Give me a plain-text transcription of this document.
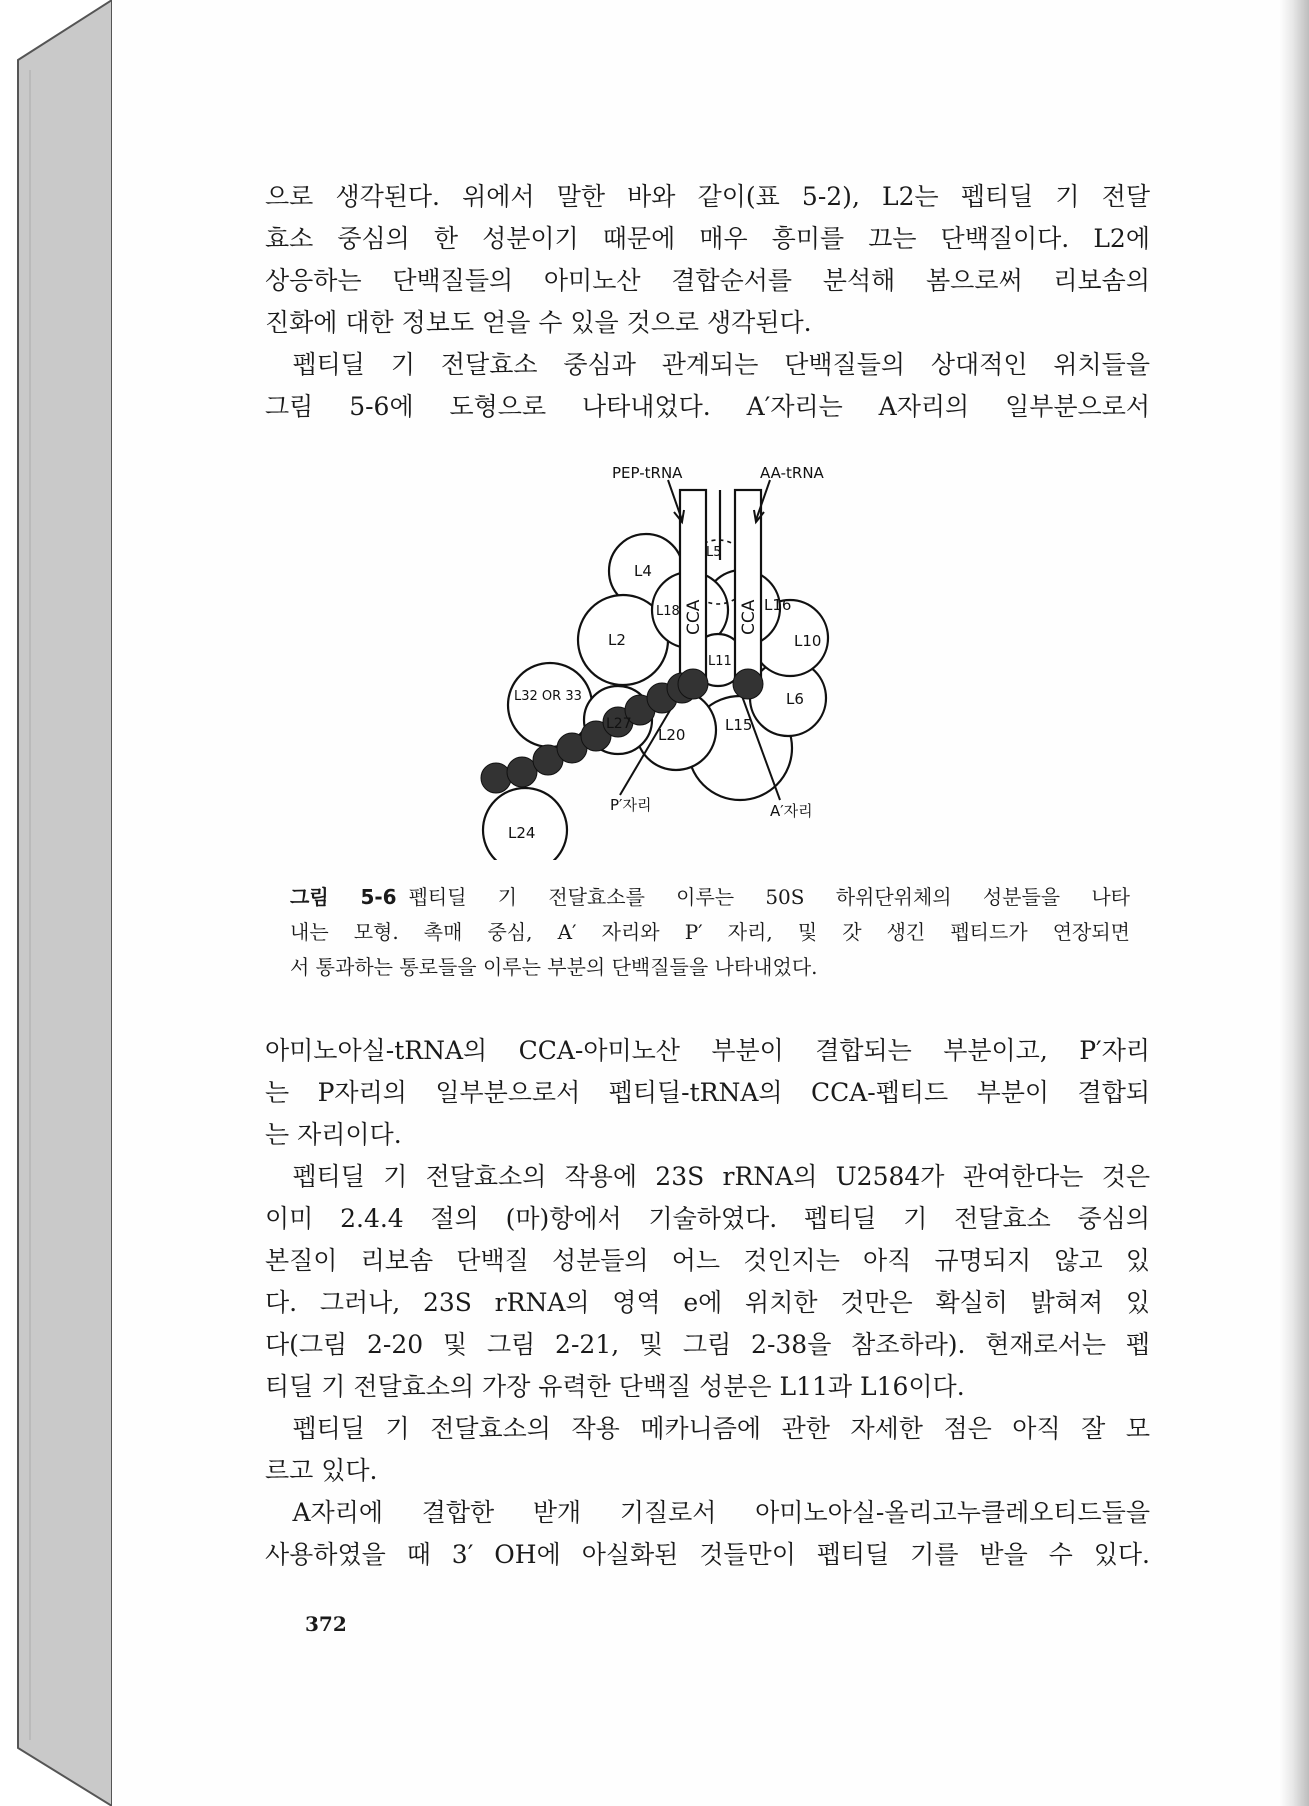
으로 생각된다. 위에서 말한 바와 같이(표 5-2), L2는 펩티딜 기 전달

효소 중심의 한 성분이기 때문에 매우 흥미를 끄는 단백질이다. L2에

상응하는 단백질들의 아미노산 결합순서를 분석해 봄으로써 리보솜의

진화에 대한 정보도 얻을 수 있을 것으로 생각된다.

펩티딜 기 전달효소 중심과 관계되는 단백질들의 상대적인 위치들을

그림 5-6에 도형으로 나타내었다. A′자리는 A자리의 일부분으로서

PEP-tRNA	AA-tRNA
L4
L5
L18	L16
L10
L2
L11
L6
L32 OR 33
L27
L20
L15
L24
P′자리	A′자리
CCA CCA

그림 5-6 펩티딜 기 전달효소를 이루는 50S 하위단위체의 성분들을 나타

내는 모형. 촉매 중심, A′ 자리와 P′ 자리, 및 갓 생긴 펩티드가 연장되면

서 통과하는 통로들을 이루는 부분의 단백질들을 나타내었다.

아미노아실-tRNA의 CCA-아미노산 부분이 결합되는 부분이고, P′자리

는 P자리의 일부분으로서 펩티딜-tRNA의 CCA-펩티드 부분이 결합되

는 자리이다.

펩티딜 기 전달효소의 작용에 23S rRNA의 U2584가 관여한다는 것은

이미 2.4.4 절의 (마)항에서 기술하였다. 펩티딜 기 전달효소 중심의

본질이 리보솜 단백질 성분들의 어느 것인지는 아직 규명되지 않고 있

다. 그러나, 23S rRNA의 영역 e에 위치한 것만은 확실히 밝혀져 있

다(그림 2-20 및 그림 2-21, 및 그림 2-38을 참조하라). 현재로서는 펩

티딜 기 전달효소의 가장 유력한 단백질 성분은 L11과 L16이다.

펩티딜 기 전달효소의 작용 메카니즘에 관한 자세한 점은 아직 잘 모

르고 있다.

A자리에 결합한 받개 기질로서 아미노아실-올리고누클레오티드들을

사용하였을 때 3′ OH에 아실화된 것들만이 펩티딜 기를 받을 수 있다.

372
